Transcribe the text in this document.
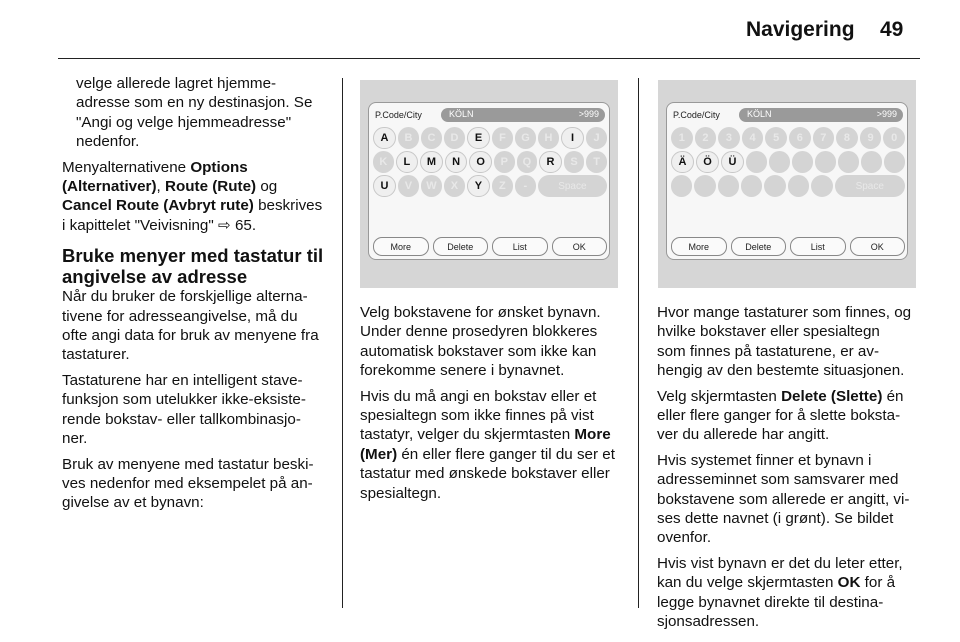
Navigering 49

velge allerede lagret hjemme-
adresse som en ny destinasjon. Se
"Angi og velge hjemmeadresse"
nedenfor.

Menyalternativene Options
(Alternativer), Route (Rute) og
Cancel Route (Avbryt rute) beskrives
i kapittelet "Veivisning" ⇨ 65.

Bruke menyer med tastatur til
angivelse av adresse

Når du bruker de forskjellige alterna-
tivene for adresseangivelse, må du
ofte angi data for bruk av menyene fra
tastaturer.

Tastaturene har en intelligent stave-
funksjon som utelukker ikke-eksiste-
rende bokstav- eller tallkombinasjo-
ner.

Bruk av menyene med tastatur beski-
ves nedenfor med eksempelet på an-
givelse av et bynavn:

P.Code/City	KÖLN	>999
A	B	C	D	E	F	G	H	I	J
K	L	M	N	O	P	Q	R	S	T
U	V	W	X	Y	Z	-	Space
More	Delete	List	OK
P.Code/City	KÖLN	>999
1	2	3	4	5	6	7	8	9	0
Ä	Ö	Ü
Space
More	Delete	List	OK

Velg bokstavene for ønsket bynavn.
Under denne prosedyren blokkeres
automatisk bokstaver som ikke kan
forekomme senere i bynavnet.

Hvis du må angi en bokstav eller et
spesialtegn som ikke finnes på vist
tastatyr, velger du skjermtasten More
(Mer) én eller flere ganger til du ser et
tastatur med ønskede bokstaver eller
spesialtegn.

Hvor mange tastaturer som finnes, og
hvilke bokstaver eller spesialtegn
som finnes på tastaturene, er av-
hengig av den bestemte situasjonen.

Velg skjermtasten Delete (Slette) én
eller flere ganger for å slette boksta-
ver du allerede har angitt.

Hvis systemet finner et bynavn i
adresseminnet som samsvarer med
bokstavene som allerede er angitt, vi-
ses dette navnet (i grønt). Se bildet
ovenfor.

Hvis vist bynavn er det du leter etter,
kan du velge skjermtasten OK for å
legge bynavnet direkte til destina-
sjonsadressen.
